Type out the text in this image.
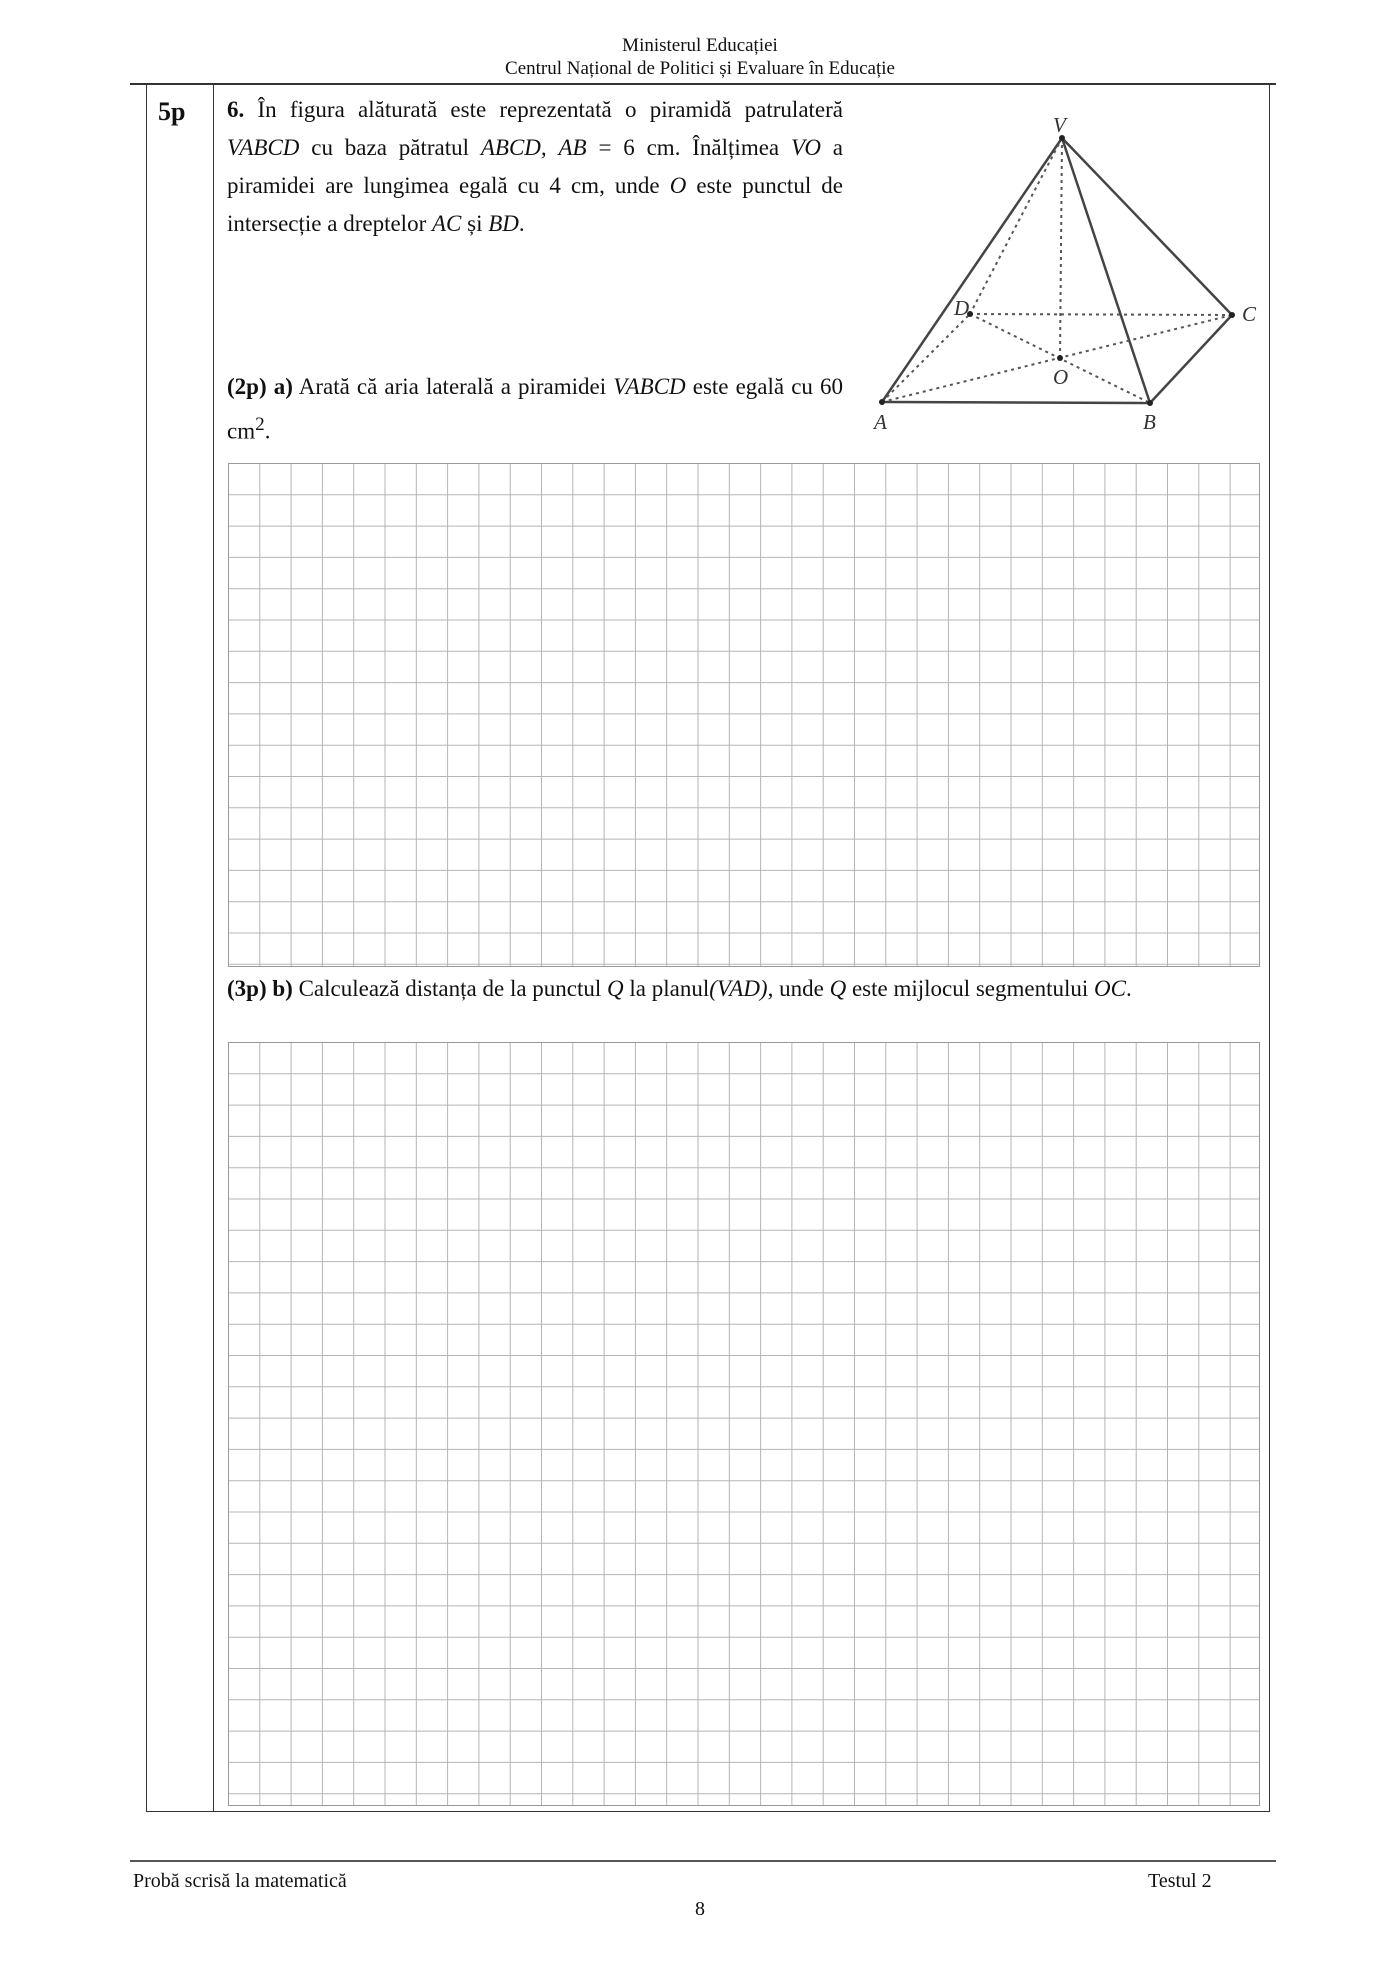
Ministerul Educației
Centrul Național de Politici și Evaluare în Educație
5p 6. În figura alăturată este reprezentată o piramidă patrulateră VABCD cu baza pătratul ABCD, AB = 6 cm. Înălțimea VO a piramidei are lungimea egală cu 4 cm, unde O este punctul de intersecție a dreptelor AC și BD.
(2p) a) Arată că aria laterală a piramidei VABCD este egală cu 60 $cm^2$.
(3p) b) Calculează distanța de la punctul Q la planul(VAD), unde Q este mijlocul segmentului OC.
V
A	B
C
D
O
Probă scrisă la matematică	Testul 2
8
